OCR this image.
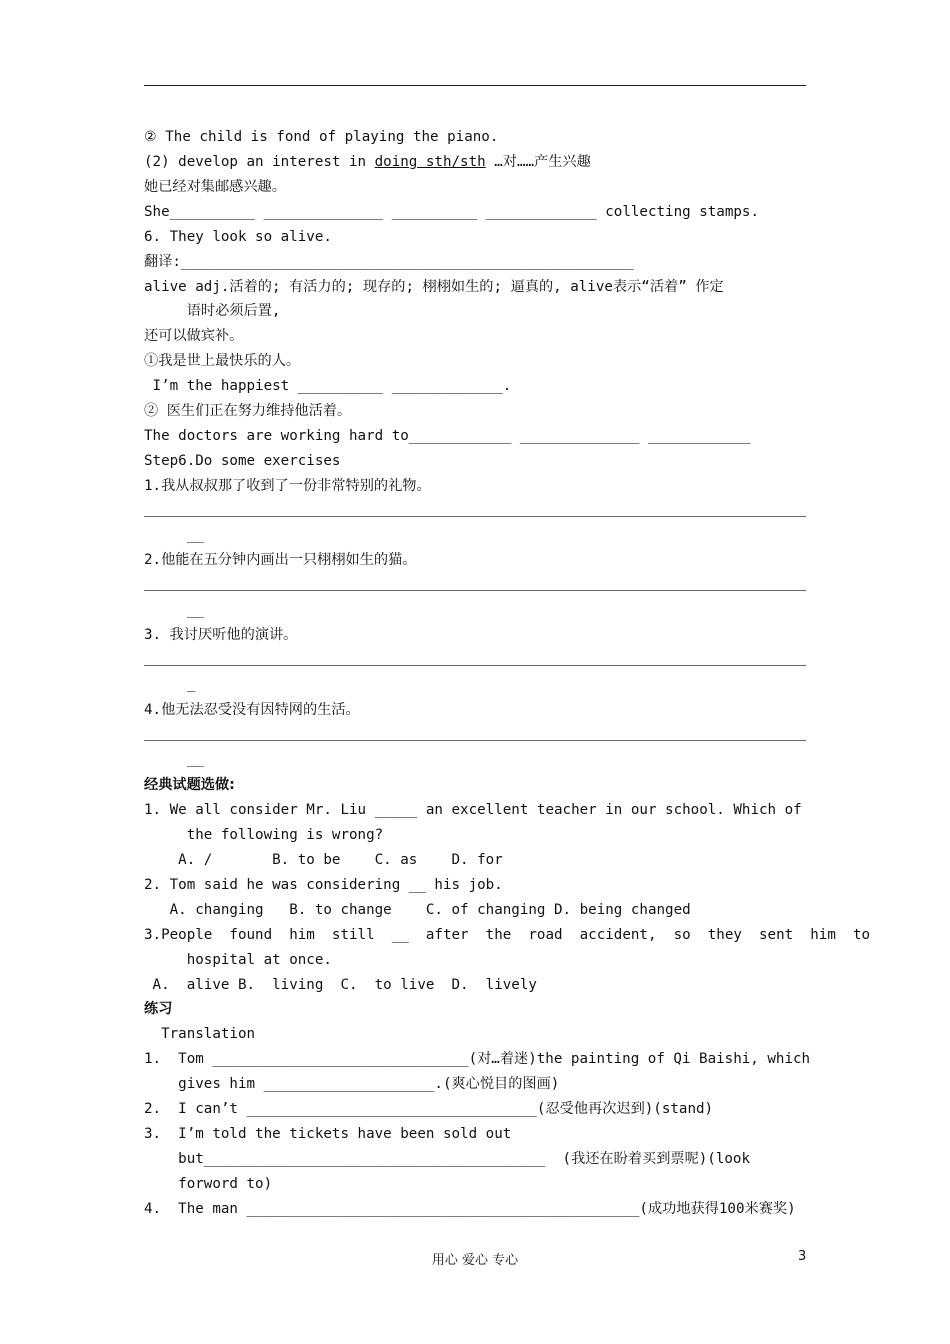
② The child is fond of playing the piano.
(2) develop an interest in doing sth/sth …对……产生兴趣
她已经对集邮感兴趣。
She__________ ______________ __________ _____________ collecting stamps.
6. They look so alive.
翻译:_____________________________________________________
alive adj.活着的; 有活力的; 现存的; 栩栩如生的; 逼真的, alive表示“活着” 作定
语时必须后置,
还可以做宾补。
①我是世上最快乐的人。
I’m the happiest __________ _____________.
② 医生们正在努力维持他活着。
The doctors are working hard to____________ ______________ ____________
Step6.Do some exercises
1.我从叔叔那了收到了一份非常特别的礼物。
__
2.他能在五分钟内画出一只栩栩如生的猫。
__
3. 我讨厌听他的演讲。
_
4.他无法忍受没有因特网的生活。
__
经典试题选做:
1. We all consider Mr. Liu _____ an excellent teacher in our school. Which of
the following is wrong?
A. /       B. to be    C. as    D. for
2. Tom said he was considering __ his job.
A. changing   B. to change    C. of changing D. being changed
3.People  found  him  still  __  after  the  road  accident,  so  they  sent  him  to
hospital at once.
A.  alive B.  living  C.  to live  D.  lively
练习
Translation
1.  Tom ______________________________(对…着迷)the painting of Qi Baishi, which
gives him ____________________.(爽心悦目的图画)
2.  I can’t __________________________________(忍受他再次迟到)(stand)
3.  I’m told the tickets have been sold out
but________________________________________  (我还在盼着买到票呢)(look
forword to)
4.  The man ______________________________________________(成功地获得100米赛奖)
用心 爱心 专心	3
